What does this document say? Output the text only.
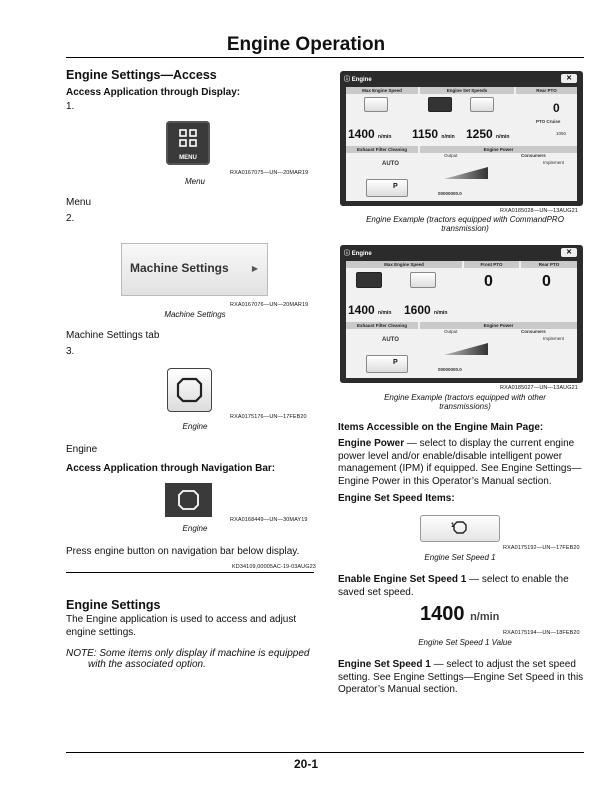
Engine Operation
Engine Settings—Access
Access Application through Display:
1.
MENU
RXA0167075—UN—20MAR19
Menu
Menu
2.
Machine Settings	▶
RXA0167076—UN—20MAR19
Machine Settings
Machine Settings tab
3.
RXA0175176—UN—17FEB20
Engine
Engine
Access Application through Navigation Bar:
RXA0168449—UN—30MAY19
Engine
Press engine button on navigation bar below display.
KD34109,00005AC-19-03AUG23
Engine Settings
The Engine application is used to access and adjust engine settings.
NOTE: Some items only display if machine is equipped
with the associated option.
ⓘ Engine	✕
Max Engine Speed	Engine Set Speeds	Rear PTO
1400 n/min 1150 n/min 1250 n/min
0
PTO Cruise
1050
Exhaust Filter Cleaning	Engine Power
Output	Consumers
Implement
AUTO
P
00000000.0
RXA0185028—UN—13AUG21
Engine Example (tractors equipped with CommandPRO
transmission)
ⓘ Engine	✕
Max Engine Speed	Front PTO	Rear PTO
1400 n/min 1600 n/min
0	0
Exhaust Filter Cleaning	Engine Power
Output	Consumers
Implement
AUTO
P
00000000.0
RXA0185027—UN—13AUG21
Engine Example (tractors equipped with other
transmissions)
Items Accessible on the Engine Main Page:
Engine Power — select to display the current engine power level and/or enable/disable intelligent power management (IPM) if equipped. See Engine Settings—Engine Power in this Operator’s Manual section.
Engine Set Speed Items:
1
RXA0175192—UN—17FEB20
Engine Set Speed 1
Enable Engine Set Speed 1 — select to enable the saved set speed.
1400 n/min
RXA0175194—UN—18FEB20
Engine Set Speed 1 Value
Engine Set Speed 1 — select to adjust the set speed setting. See Engine Settings—Engine Set Speed in this Operator’s Manual section.
20-1
